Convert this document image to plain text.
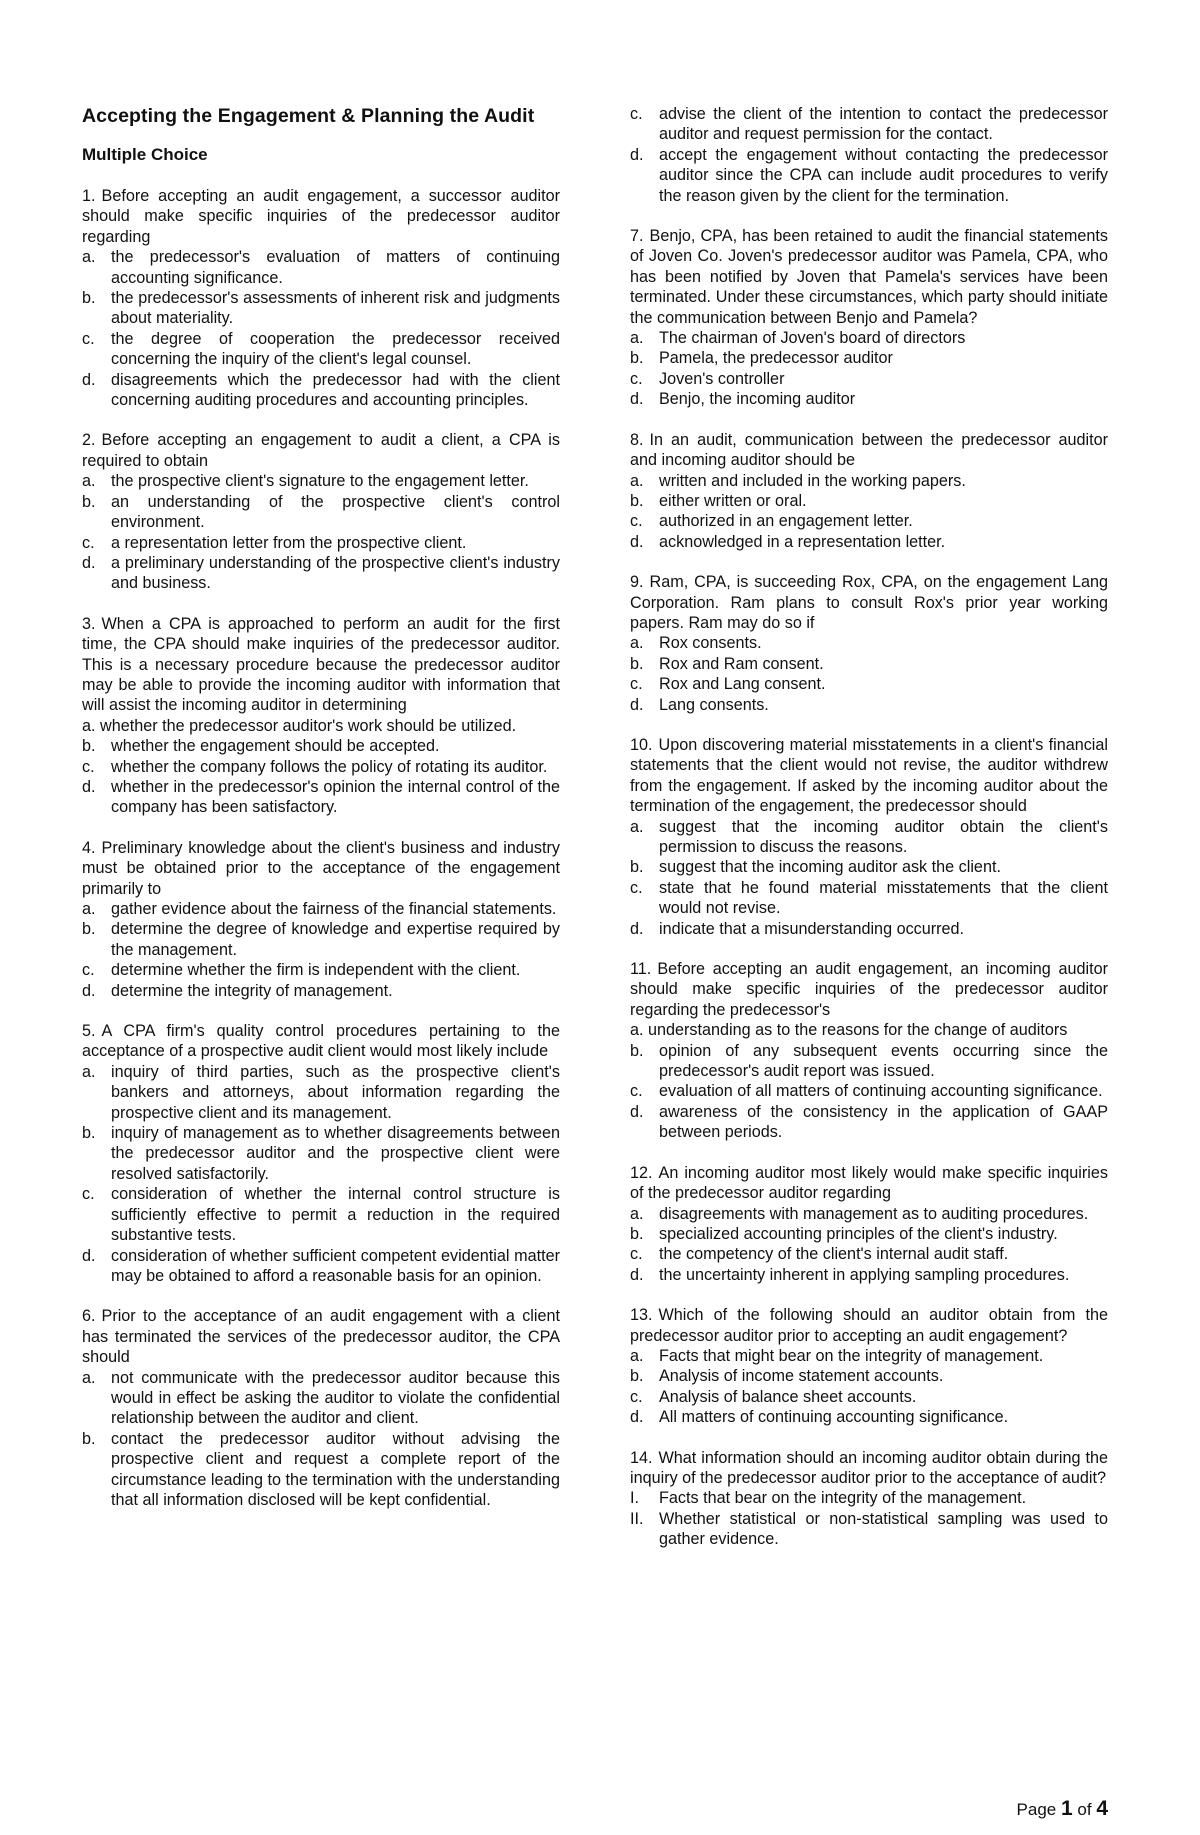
Accepting the Engagement & Planning the Audit
Multiple Choice

1. Before accepting an audit engagement, a successor auditor should make specific inquiries of the predecessor auditor regarding

a. the predecessor's evaluation of matters of continuing accounting significance.

b. the predecessor's assessments of inherent risk and judgments about materiality.

c. the degree of cooperation the predecessor received concerning the inquiry of the client's legal counsel.

d. disagreements which the predecessor had with the client concerning auditing procedures and accounting principles.

2. Before accepting an engagement to audit a client, a CPA is required to obtain

a. the prospective client's signature to the engagement letter.

b. an understanding of the prospective client's control environment.

c. a representation letter from the prospective client.

d. a preliminary understanding of the prospective client's industry and business.

3. When a CPA is approached to perform an audit for the first time, the CPA should make inquiries of the predecessor auditor. This is a necessary procedure because the predecessor auditor may be able to provide the incoming auditor with information that will assist the incoming auditor in determining

a. whether the predecessor auditor's work should be utilized.

b. whether the engagement should be accepted.

c. whether the company follows the policy of rotating its auditor.

d. whether in the predecessor's opinion the internal control of the company has been satisfactory.

4. Preliminary knowledge about the client's business and industry must be obtained prior to the acceptance of the engagement primarily to

a. gather evidence about the fairness of the financial statements.

b. determine the degree of knowledge and expertise required by the management.

c. determine whether the firm is independent with the client.

d. determine the integrity of management.

5. A CPA firm's quality control procedures pertaining to the acceptance of a prospective audit client would most likely include

a. inquiry of third parties, such as the prospective client's bankers and attorneys, about information regarding the prospective client and its management.

b. inquiry of management as to whether disagreements between the predecessor auditor and the prospective client were resolved satisfactorily.

c. consideration of whether the internal control structure is sufficiently effective to permit a reduction in the required substantive tests.

d. consideration of whether sufficient competent evidential matter may be obtained to afford a reasonable basis for an opinion.

6. Prior to the acceptance of an audit engagement with a client has terminated the services of the predecessor auditor, the CPA should

a. not communicate with the predecessor auditor because this would in effect be asking the auditor to violate the confidential relationship between the auditor and client.

b. contact the predecessor auditor without advising the prospective client and request a complete report of the circumstance leading to the termination with the understanding that all information disclosed will be kept confidential.

c. advise the client of the intention to contact the predecessor auditor and request permission for the contact.

d. accept the engagement without contacting the predecessor auditor since the CPA can include audit procedures to verify the reason given by the client for the termination.

7. Benjo, CPA, has been retained to audit the financial statements of Joven Co. Joven's predecessor auditor was Pamela, CPA, who has been notified by Joven that Pamela's services have been terminated. Under these circumstances, which party should initiate the communication between Benjo and Pamela?

a. The chairman of Joven's board of directors

b. Pamela, the predecessor auditor

c. Joven's controller

d. Benjo, the incoming auditor

8. In an audit, communication between the predecessor auditor and incoming auditor should be

a. written and included in the working papers.

b. either written or oral.

c. authorized in an engagement letter.

d. acknowledged in a representation letter.

9. Ram, CPA, is succeeding Rox, CPA, on the engagement Lang Corporation. Ram plans to consult Rox's prior year working papers. Ram may do so if

a. Rox consents.

b. Rox and Ram consent.

c. Rox and Lang consent.

d. Lang consents.

10. Upon discovering material misstatements in a client's financial statements that the client would not revise, the auditor withdrew from the engagement. If asked by the incoming auditor about the termination of the engagement, the predecessor should

a. suggest that the incoming auditor obtain the client's permission to discuss the reasons.

b. suggest that the incoming auditor ask the client.

c. state that he found material misstatements that the client would not revise.

d. indicate that a misunderstanding occurred.

11. Before accepting an audit engagement, an incoming auditor should make specific inquiries of the predecessor auditor regarding the predecessor's

a. understanding as to the reasons for the change of auditors

b. opinion of any subsequent events occurring since the predecessor's audit report was issued.

c. evaluation of all matters of continuing accounting significance.

d. awareness of the consistency in the application of GAAP between periods.

12. An incoming auditor most likely would make specific inquiries of the predecessor auditor regarding

a. disagreements with management as to auditing procedures.

b. specialized accounting principles of the client's industry.

c. the competency of the client's internal audit staff.

d. the uncertainty inherent in applying sampling procedures.

13. Which of the following should an auditor obtain from the predecessor auditor prior to accepting an audit engagement?

a. Facts that might bear on the integrity of management.

b. Analysis of income statement accounts.

c. Analysis of balance sheet accounts.

d. All matters of continuing accounting significance.

14. What information should an incoming auditor obtain during the inquiry of the predecessor auditor prior to the acceptance of audit?

I. Facts that bear on the integrity of the management.

II. Whether statistical or non-statistical sampling was used to gather evidence.

Page 1 of 4
